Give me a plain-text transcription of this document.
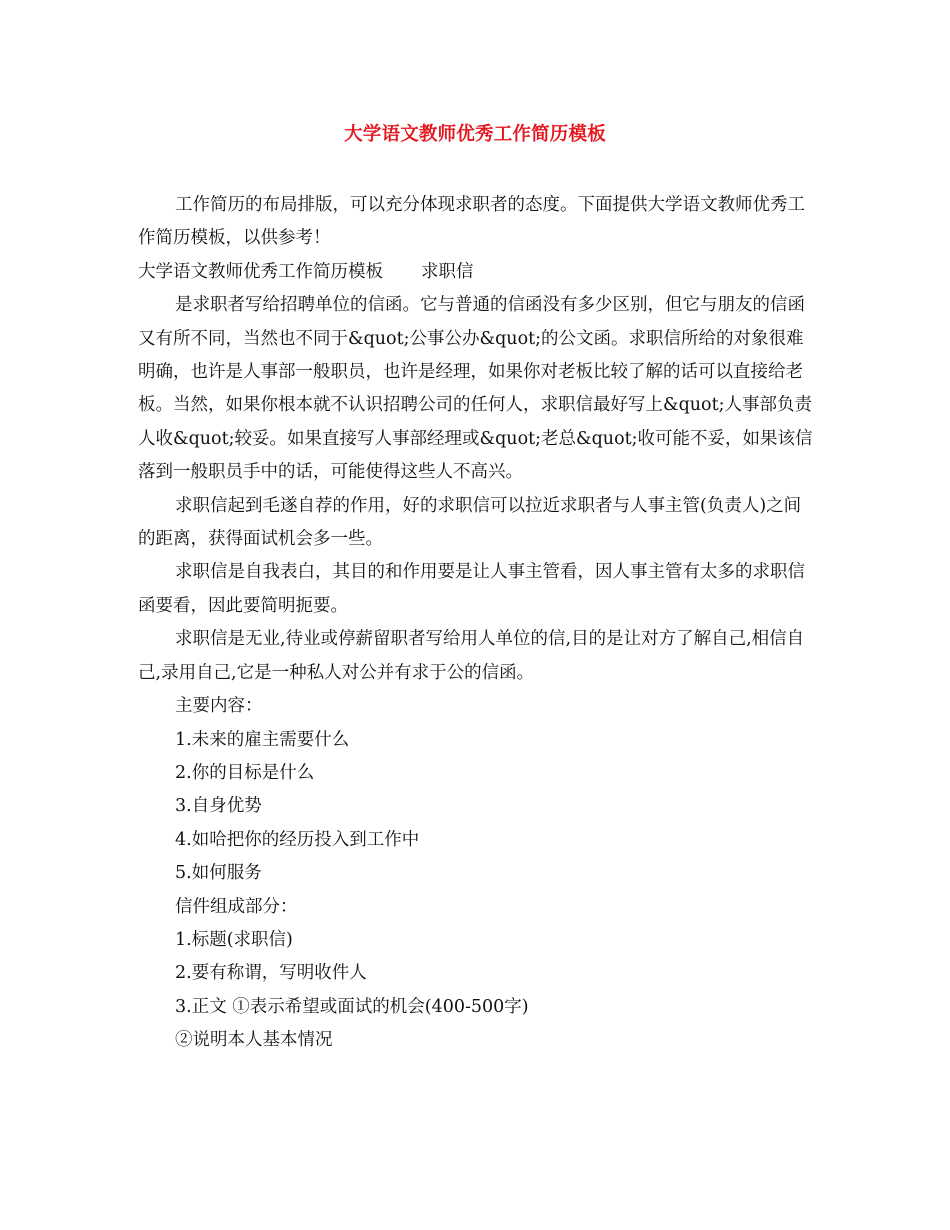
大学语文教师优秀工作简历模板

工作简历的布局排版，可以充分体现求职者的态度。下面提供大学语文教师优秀工作简历模板，以供参考！

大学语文教师优秀工作简历模板 求职信

是求职者写给招聘单位的信函。它与普通的信函没有多少区别，但它与朋友的信函又有所不同，当然也不同于&quot;公事公办&quot;的公文函。求职信所给的对象很难明确，也许是人事部一般职员，也许是经理，如果你对老板比较了解的话可以直接给老板。当然，如果你根本就不认识招聘公司的任何人，求职信最好写上&quot;人事部负责人收&quot;较妥。如果直接写人事部经理或&quot;老总&quot;收可能不妥，如果该信落到一般职员手中的话，可能使得这些人不高兴。

求职信起到毛遂自荐的作用，好的求职信可以拉近求职者与人事主管(负责人)之间的距离，获得面试机会多一些。

求职信是自我表白，其目的和作用要是让人事主管看，因人事主管有太多的求职信函要看，因此要简明扼要。

求职信是无业,待业或停薪留职者写给用人单位的信,目的是让对方了解自己,相信自己,录用自己,它是一种私人对公并有求于公的信函。

主要内容：

1.未来的雇主需要什么

2.你的目标是什么

3.自身优势

4.如哈把你的经历投入到工作中

5.如何服务

信件组成部分：

1.标题(求职信)

2.要有称谓，写明收件人

3.正文 ①表示希望或面试的机会(400-500字)

②说明本人基本情况
